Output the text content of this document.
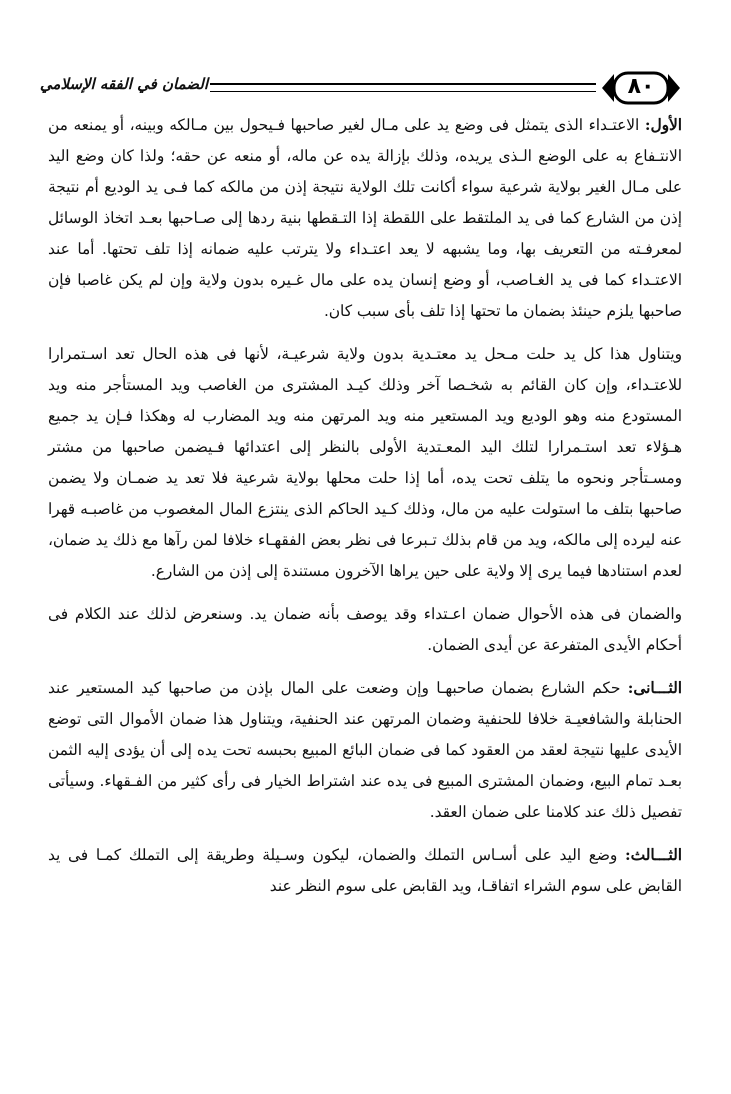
٨٠
الضمان في الفقه الإسلامي

الأول: الاعتـداء الذى يتمثل فى وضع يد على مـال لغير صاحبها فـيحول بين مـالكه وبينه، أو يمنعه من الانتـفاع به على الوضع الـذى يريده، وذلك بإزالة يده عن ماله، أو منعه عن حقه؛ ولذا كان وضع اليد على مـال الغير بولاية شرعية سواء أكانت تلك الولاية نتيجة إذن من مالكه كما فـى يد الوديع أم نتيجة إذن من الشارع كما فى يد الملتقط على اللقطة إذا التـقطها بنية ردها إلى صـاحبها بعـد اتخاذ الوسائل لمعرفـته من التعريف بها، وما يشبهه لا يعد اعتـداء ولا يترتب عليه ضمانه إذا تلف تحتها. أما عند الاعتـداء كما فى يد الغـاصب، أو وضع إنسان يده على مال غـيره بدون ولاية وإن لم يكن غاصبا فإن صاحبها يلزم حينئذ بضمان ما تحتها إذا تلف بأى سبب كان.

ويتناول هذا كل يد حلت مـحل يد معتـدية بدون ولاية شرعيـة، لأنها فى هذه الحال تعد اسـتمرارا للاعتـداء، وإن كان القائم به شخـصا آخر وذلك كيـد المشترى من الغاصب ويد المستأجر منه ويد المستودع منه وهو الوديع ويد المستعير منه ويد المرتهن منه ويد المضارب له وهكذا فـإن يد جميع هـؤلاء تعد استـمرارا لتلك اليد المعـتدية الأولى بالنظر إلى اعتدائها فـيضمن صاحبها من مشتر ومسـتأجر ونحوه ما يتلف تحت يده، أما إذا حلت محلها بولاية شرعية فلا تعد يد ضمـان ولا يضمن صاحبها بتلف ما استولت عليه من مال، وذلك كـيد الحاكم الذى ينتزع المال المغصوب من غاصبـه قهرا عنه ليرده إلى مالكه، ويد من قام بذلك تـبرعا فى نظر بعض الفقهـاء خلافا لمن رآها مع ذلك يد ضمان، لعدم استنادها فيما يرى إلا ولاية على حين يراها الآخرون مستندة إلى إذن من الشارع.

والضمان فى هذه الأحوال ضمان اعـتداء وقد يوصف بأنه ضمان يد. وسنعرض لذلك عند الكلام فى أحكام الأيدى المتفرعة عن أيدى الضمان.

الثـــانى: حكم الشارع بضمان صاحبهـا وإن وضعت على المال بإذن من صاحبها كيد المستعير عند الحنابلة والشافعيـة خلافا للحنفية وضمان المرتهن عند الحنفية، ويتناول هذا ضمان الأموال التى توضع الأيدى عليها نتيجة لعقد من العقود كما فى ضمان البائع المبيع بحبسه تحت يده إلى أن يؤدى إليه الثمن بعـد تمام البيع، وضمان المشترى المبيع فى يده عند اشتراط الخيار فى رأى كثير من الفـقهاء. وسيأتى تفصيل ذلك عند كلامنا على ضمان العقد.

الثـــالث: وضع اليد على أسـاس التملك والضمان، ليكون وسـيلة وطريقة إلى التملك كمـا فى يد القابض على سوم الشراء اتفاقـا، ويد القابض على سوم النظر عند
